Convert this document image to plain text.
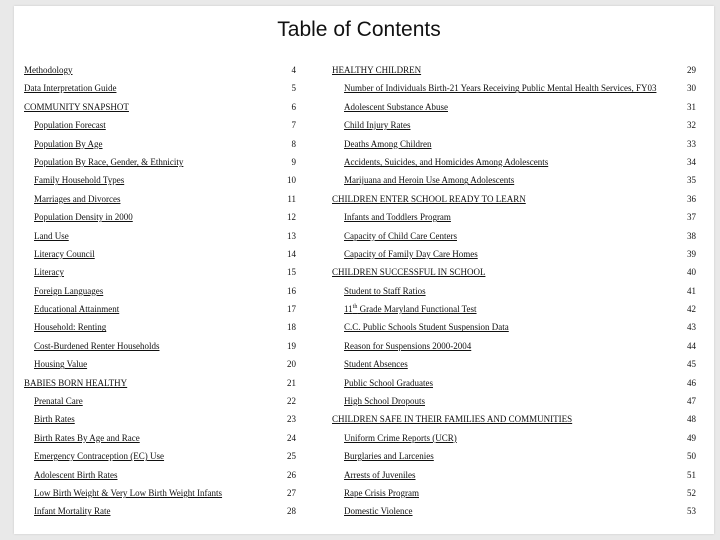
Table of Contents
Methodology	4	HEALTHY CHILDREN	29
Data Interpretation Guide	5	Number of Individuals Birth-21 Years Receiving Public Mental Health Services, FY03	30
COMMUNITY SNAPSHOT	6	Adolescent Substance Abuse	31
Population Forecast	7	Child Injury Rates	32
Population By Age	8	Deaths Among Children	33
Population By Race, Gender, & Ethnicity	9	Accidents, Suicides, and Homicides Among Adolescents	34
Family Household Types	10	Marijuana and Heroin Use Among Adolescents	35
Marriages and Divorces	11	CHILDREN ENTER SCHOOL READY TO LEARN	36
Population Density in 2000	12	Infants and Toddlers Program	37
Land Use	13	Capacity of Child Care Centers	38
Literacy Council	14	Capacity of Family Day Care Homes	39
Literacy	15	CHILDREN SUCCESSFUL IN SCHOOL	40
Foreign Languages	16	Student to Staff Ratios	41
Educational Attainment	17	11th Grade Maryland Functional Test	42
Household: Renting	18	C.C. Public Schools Student Suspension Data	43
Cost-Burdened Renter Households	19	Reason for Suspensions 2000-2004	44
Housing Value	20	Student Absences	45
BABIES BORN HEALTHY	21	Public School Graduates	46
Prenatal Care	22	High School Dropouts	47
Birth Rates	23	CHILDREN SAFE IN THEIR FAMILIES AND COMMUNITIES	48
Birth Rates By Age and Race	24	Uniform Crime Reports (UCR)	49
Emergency Contraception (EC) Use	25	Burglaries and Larcenies	50
Adolescent Birth Rates	26	Arrests of Juveniles	51
Low Birth Weight & Very Low Birth Weight Infants	27	Rape Crisis Program	52
Infant Mortality Rate	28	Domestic Violence	53
